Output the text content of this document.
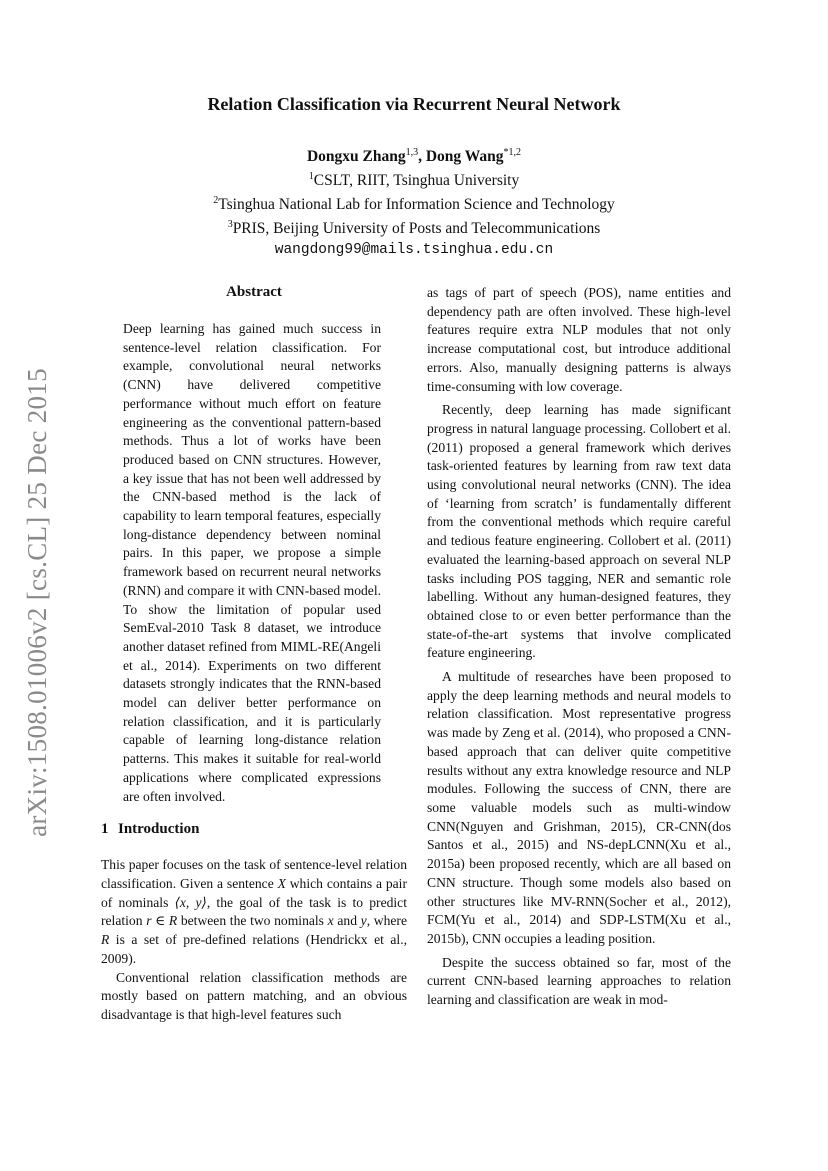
arXiv:1508.01006v2 [cs.CL] 25 Dec 2015
Relation Classification via Recurrent Neural Network
Dongxu Zhang$^{1,3}$, Dong Wang$^{*1,2}$
$^1$CSLT, RIIT, Tsinghua University
$^2$Tsinghua National Lab for Information Science and Technology
$^3$PRIS, Beijing University of Posts and Telecommunications
wangdong99@mails.tsinghua.edu.cn
Abstract

Deep learning has gained much success in sentence-level relation classification. For example, convolutional neural networks (CNN) have delivered competitive performance without much effort on feature engineering as the conventional pattern-based methods. Thus a lot of works have been produced based on CNN structures. However, a key issue that has not been well addressed by the CNN-based method is the lack of capability to learn temporal features, especially long-distance dependency between nominal pairs. In this paper, we propose a simple framework based on recurrent neural networks (RNN) and compare it with CNN-based model. To show the limitation of popular used SemEval-2010 Task 8 dataset, we introduce another dataset refined from MIML-RE(Angeli et al., 2014). Experiments on two different datasets strongly indicates that the RNN-based model can deliver better performance on relation classification, and it is particularly capable of learning long-distance relation patterns. This makes it suitable for real-world applications where complicated expressions are often involved.

1 Introduction

This paper focuses on the task of sentence-level relation classification. Given a sentence X which contains a pair of nominals ⟨x, y⟩, the goal of the task is to predict relation r ∈ R between the two nominals x and y, where R is a set of pre-defined relations (Hendrickx et al., 2009).

Conventional relation classification methods are mostly based on pattern matching, and an obvious disadvantage is that high-level features such

as tags of part of speech (POS), name entities and dependency path are often involved. These high-level features require extra NLP modules that not only increase computational cost, but introduce additional errors. Also, manually designing patterns is always time-consuming with low coverage.

Recently, deep learning has made significant progress in natural language processing. Collobert et al. (2011) proposed a general framework which derives task-oriented features by learning from raw text data using convolutional neural networks (CNN). The idea of ‘learning from scratch’ is fundamentally different from the conventional methods which require careful and tedious feature engineering. Collobert et al. (2011) evaluated the learning-based approach on several NLP tasks including POS tagging, NER and semantic role labelling. Without any human-designed features, they obtained close to or even better performance than the state-of-the-art systems that involve complicated feature engineering.

A multitude of researches have been proposed to apply the deep learning methods and neural models to relation classification. Most representative progress was made by Zeng et al. (2014), who proposed a CNN-based approach that can deliver quite competitive results without any extra knowledge resource and NLP modules. Following the success of CNN, there are some valuable models such as multi-window CNN(Nguyen and Grishman, 2015), CR-CNN(dos Santos et al., 2015) and NS-depLCNN(Xu et al., 2015a) been proposed recently, which are all based on CNN structure. Though some models also based on other structures like MV-RNN(Socher et al., 2012), FCM(Yu et al., 2014) and SDP-LSTM(Xu et al., 2015b), CNN occupies a leading position.

Despite the success obtained so far, most of the current CNN-based learning approaches to relation learning and classification are weak in mod-
